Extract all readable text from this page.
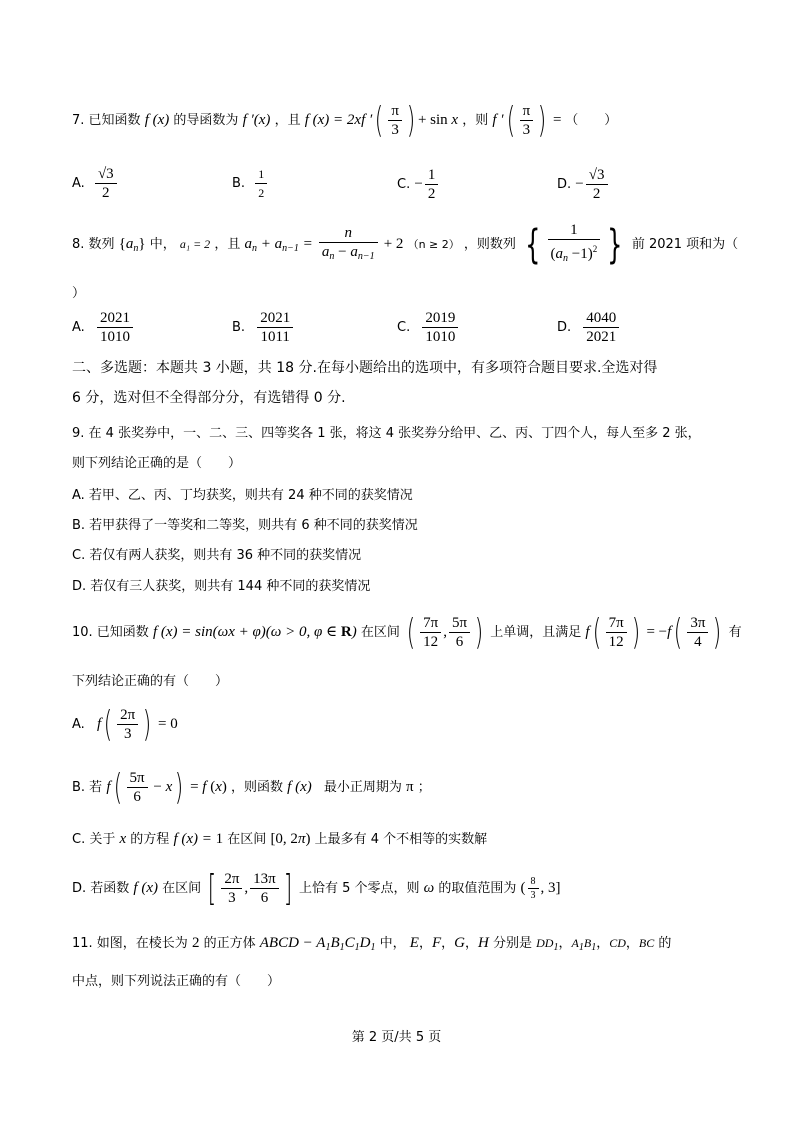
7. 已知函数 f (x) 的导函数为 f ′(x) ，且 f (x) = 2xf ′( $\frac{\pi}{3}$ ) + sin x ，则 f ′( $\frac{\pi}{3}$ ) = （　　）
A. $\frac{√3}{2}$	B. $\frac{1}{2}$	C. − $\frac{1}{2}$	D. − $\frac{√3}{2}$
8. 数列 $\{a_n\}$ 中， a₁ = 2 ，且 $a_n + a_{n-1} = \frac{n}{a_n - a_{n-1}} + 2$ （n ≥ 2） ，则数列 { $\frac{1}{(a_n -1)^2}$ } 前 2021 项和为（
）
A. $\frac{2021}{1010}$	B. $\frac{2021}{1011}$	C. $\frac{2019}{1010}$	D. $\frac{4040}{2021}$
二、多选题：本题共 3 小题，共 18 分.在每小题给出的选项中，有多项符合题目要求.全选对得
6 分，选对但不全得部分分，有选错得 0 分.
9. 在 4 张奖券中，一、二、三、四等奖各 1 张，将这 4 张奖券分给甲、乙、丙、丁四个人，每人至多 2 张，
则下列结论正确的是（　　）
A. 若甲、乙、丙、丁均获奖，则共有 24 种不同的获奖情况
B. 若甲获得了一等奖和二等奖，则共有 6 种不同的获奖情况
C. 若仅有两人获奖，则共有 36 种不同的获奖情况
D. 若仅有三人获奖，则共有 144 种不同的获奖情况
10. 已知函数 f (x) = sin(ωx + φ)(ω > 0, φ ∈ R) 在区间 ( $\frac{7\pi}{12}$ , $\frac{5\pi}{6}$ ) 上单调，且满足 $f( \frac{7\pi}{12}$ ) = $-f( \frac{3\pi}{4}$ ) 有
下列结论正确的有（　　）
A. $f( \frac{2\pi}{3}$ ) = 0
B. 若 $f( \frac{5\pi}{6} - x) = f$ (x) ，则函数 f (x) 最小正周期为 π ；
C. 关于 x 的方程 f (x) = 1 在区间 [0, 2π) 上最多有 4 个不相等的实数解
D. 若函数 f (x) 在区间 [ $\frac{2\pi}{3}$ , $\frac{13\pi}{6}$ ] 上恰有 5 个零点，则 ω 的取值范围为 ( $\frac{8}{3}$ , 3]
11. 如图，在棱长为 2 的正方体 ABCD − $A_1B_1C_1D_1$ 中， E，F，G，H 分别是 $DD_1$，$A_1B_1$，CD，BC 的
中点，则下列说法正确的有（　　）
第 2 页/共 5 页
